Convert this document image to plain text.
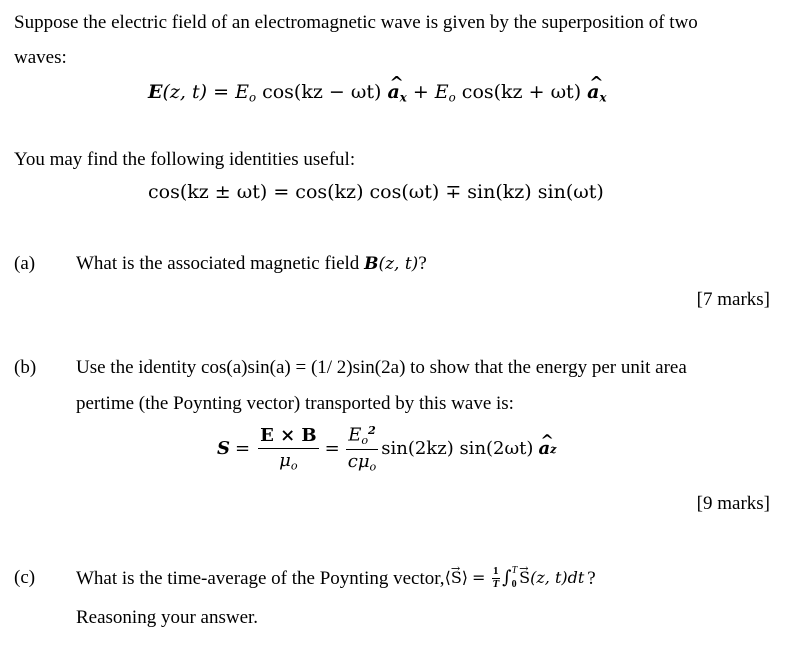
Suppose the electric field of an electromagnetic wave is given by the superposition of two
waves:
E(z, $t) = E_o$ cos(kz − ωt) ^ $a_x + E_o$ cos(kz + ωt) ^ $a_x$
You may find the following identities useful:
cos(kz ± ωt) = cos(kz) cos(ωt) ∓ sin(kz) sin(ωt)
(a) What is the associated magnetic field B(z, t)?
[7 marks]
(b) Use the identity cos(a)sin(a) = (1/ 2)sin(2a) to show that the energy per unit area
pertime (the Poynting vector) transported by this wave is:
$S = \frac{E \times B}{\mu_o} = \frac{E_o^2}{c\mu_o} \sin(2kz)$ sin(2ωt) ^ a z
[9 marks]
(c) What is the time-average of the Poynting vector, ⟨→ S⟩ = $\frac{1}{T}$ ∫ T
0 → S(z, t)dt ?
Reasoning your answer.
